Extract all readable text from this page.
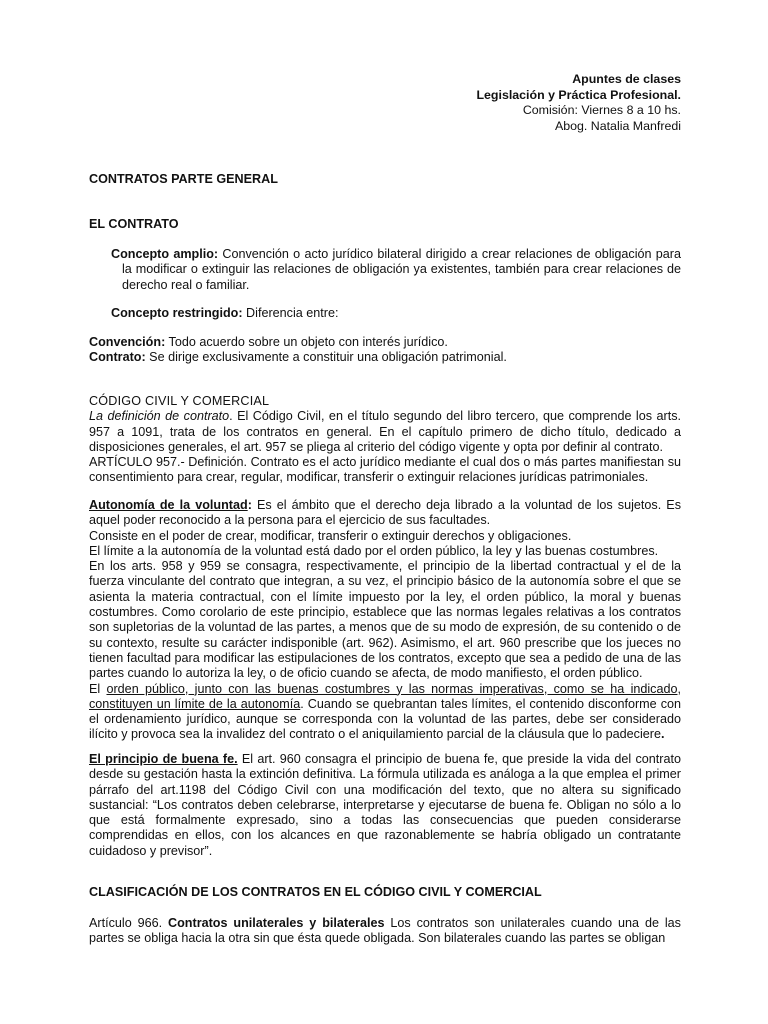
Apuntes de clases
Legislación y Práctica Profesional.
Comisión: Viernes 8 a 10 hs.
Abog. Natalia Manfredi
CONTRATOS PARTE GENERAL
EL CONTRATO
Concepto amplio: Convención o acto jurídico bilateral dirigido a crear relaciones de obligación para la modificar o extinguir las relaciones de obligación ya existentes, también para crear relaciones de derecho real o familiar.
Concepto restringido: Diferencia entre:
Convención: Todo acuerdo sobre un objeto con interés jurídico.
Contrato: Se dirige exclusivamente a constituir una obligación patrimonial.
CÓDIGO CIVIL Y COMERCIAL
La definición de contrato. El Código Civil, en el título segundo del libro tercero, que comprende los arts. 957 a 1091, trata de los contratos en general. En el capítulo primero de dicho título, dedicado a disposiciones generales, el art. 957 se pliega al criterio del código vigente y opta por definir al contrato.
ARTÍCULO 957.- Definición. Contrato es el acto jurídico mediante el cual dos o más partes manifiestan su consentimiento para crear, regular, modificar, transferir o extinguir relaciones jurídicas patrimoniales.
Autonomía de la voluntad: Es el ámbito que el derecho deja librado a la voluntad de los sujetos. Es aquel poder reconocido a la persona para el ejercicio de sus facultades.
Consiste en el poder de crear, modificar, transferir o extinguir derechos y obligaciones.
El límite a la autonomía de la voluntad está dado por el orden público, la ley y las buenas costumbres.
En los arts. 958 y 959 se consagra, respectivamente, el principio de la libertad contractual y el de la fuerza vinculante del contrato que integran, a su vez, el principio básico de la autonomía sobre el que se asienta la materia contractual, con el límite impuesto por la ley, el orden público, la moral y buenas costumbres. Como corolario de este principio, establece que las normas legales relativas a los contratos son supletorias de la voluntad de las partes, a menos que de su modo de expresión, de su contenido o de su contexto, resulte su carácter indisponible (art. 962). Asimismo, el art. 960 prescribe que los jueces no tienen facultad para modificar las estipulaciones de los contratos, excepto que sea a pedido de una de las partes cuando lo autoriza la ley, o de oficio cuando se afecta, de modo manifiesto, el orden público.
El orden público, junto con las buenas costumbres y las normas imperativas, como se ha indicado, constituyen un límite de la autonomía. Cuando se quebrantan tales límites, el contenido disconforme con el ordenamiento jurídico, aunque se corresponda con la voluntad de las partes, debe ser considerado ilícito y provoca sea la invalidez del contrato o el aniquilamiento parcial de la cláusula que lo padeciere.
El principio de buena fe. El art. 960 consagra el principio de buena fe, que preside la vida del contrato desde su gestación hasta la extinción definitiva. La fórmula utilizada es análoga a la que emplea el primer párrafo del art.1198 del Código Civil con una modificación del texto, que no altera su significado sustancial: “Los contratos deben celebrarse, interpretarse y ejecutarse de buena fe. Obligan no sólo a lo que está formalmente expresado, sino a todas las consecuencias que pueden considerarse comprendidas en ellos, con los alcances en que razonablemente se habría obligado un contratante cuidadoso y previsor”.
CLASIFICACIÓN DE LOS CONTRATOS EN EL CÓDIGO CIVIL Y COMERCIAL
Artículo 966. Contratos unilaterales y bilaterales Los contratos son unilaterales cuando una de las partes se obliga hacia la otra sin que ésta quede obligada. Son bilaterales cuando las partes se obligan
